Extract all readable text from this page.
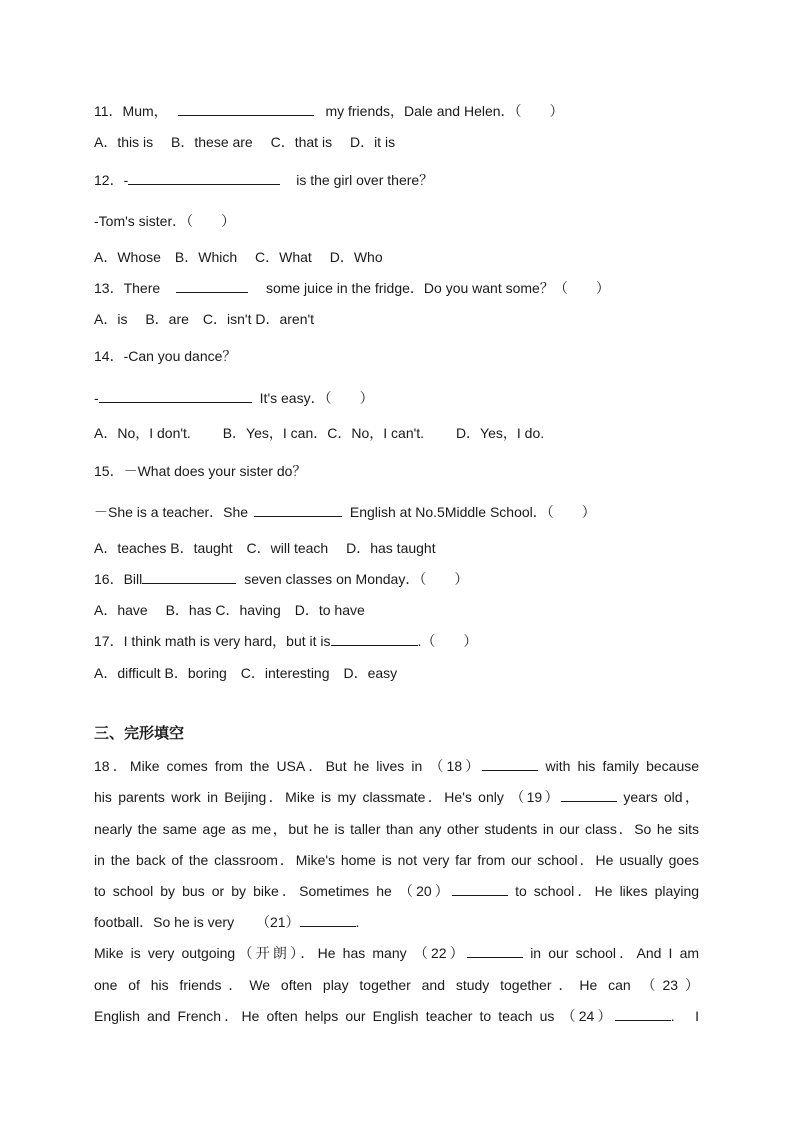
11．Mum，	my friends，Dale and Helen．（　　）
A．this is　 B．these are　 C．that is　 D．it is
12．-	is the girl over there？
-Tom's sister．（　　）
A．Whose　B．Which　 C．What　 D．Who
13．There	some juice in the fridge．Do you want some？（　　）
A．is　 B．are　C．isn't D．aren't
14．-Can you dance？
-	It's easy．（　　）
A．No，I don't.　　 B．Yes，I can．C．No，I can't.　　 D．Yes，I do.
15．－What does your sister do？
－She is a teacher．She	English at No.5Middle School．（　　）
A．teaches B．taught　C．will teach　 D．has taught
16．Bill	seven classes on Monday．（　　）
A．have　 B．has C．having　D．to have
17．I think math is very hard，but it is	.（　　）
A．difficult B．boring　C．interesting　D．easy
三、完形填空
18．Mike comes from the USA．But he lives in （18）	with his family because
his parents work in Beijing．Mike is my classmate．He's only （19）	years old，
nearly the same age as me，but he is taller than any other students in our class．So he sits
in the back of the classroom．Mike's home is not very far from our school．He usually goes
to school by bus or by bike．Sometimes he （20）	to school．He likes playing
football．So he is very （21）	.
Mike is very outgoing（开朗）．He has many （22）	in our school．And I am
one of his friends．We often play together and study together．He can （23）
English and French．He often helps our English teacher to teach us （24）	.　I
